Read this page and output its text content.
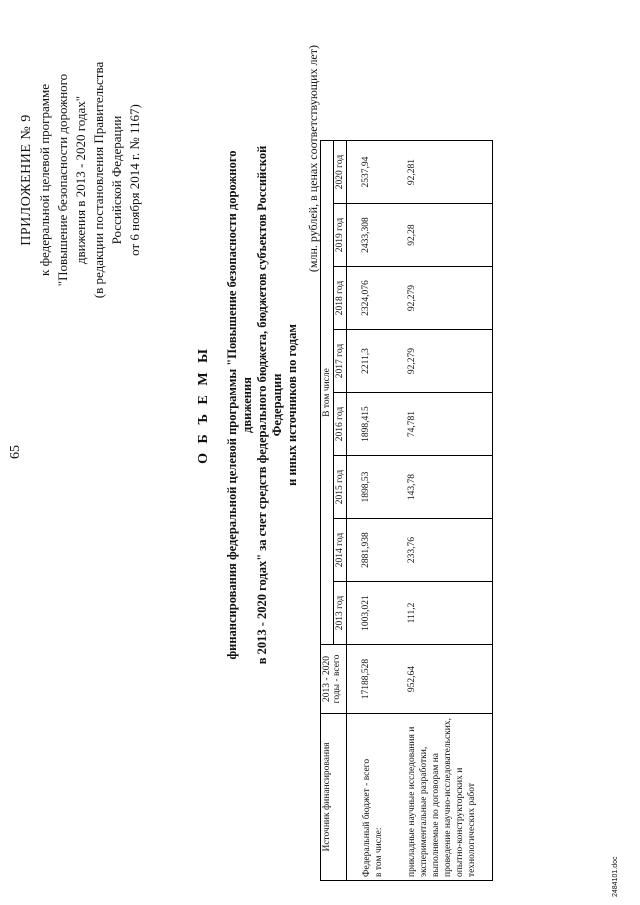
65
ПРИЛОЖЕНИЕ № 9 к федеральной целевой программе "Повышение безопасности дорожного движения в 2013 - 2020 годах" (в редакции постановления Правительства Российской Федерации от 6 ноября 2014 г. № 1167)
О Б Ъ Е М Ы финансирования федеральной целевой программы "Повышение безопасности дорожного движения в 2013 - 2020 годах" за счет средств федерального бюджета, бюджетов субъектов Российской Федерации и иных источников по годам
(млн. рублей, в ценах соответствующих лет)
Источник финансирования	2013 - 2020 годы - всего	В том числе							
		2013 год	2014 год	2015 год	2016 год	2017 год	2018 год	2019 год	2020 год

Федеральный бюджет - всего в том числе:	17188,528	1003,021	2881,938	1898,53	1898,415	2211,3	2324,076	2433,308	2537,94
прикладные научные исследования и экспериментальные разработки, выполняемые по договорам на проведение научно-исследовательских, опытно-конструкторских и технологических работ	952,64	111,2	233,76	143,78	74,781	92,279	92,279	92,28	92,281
2484101.doc
